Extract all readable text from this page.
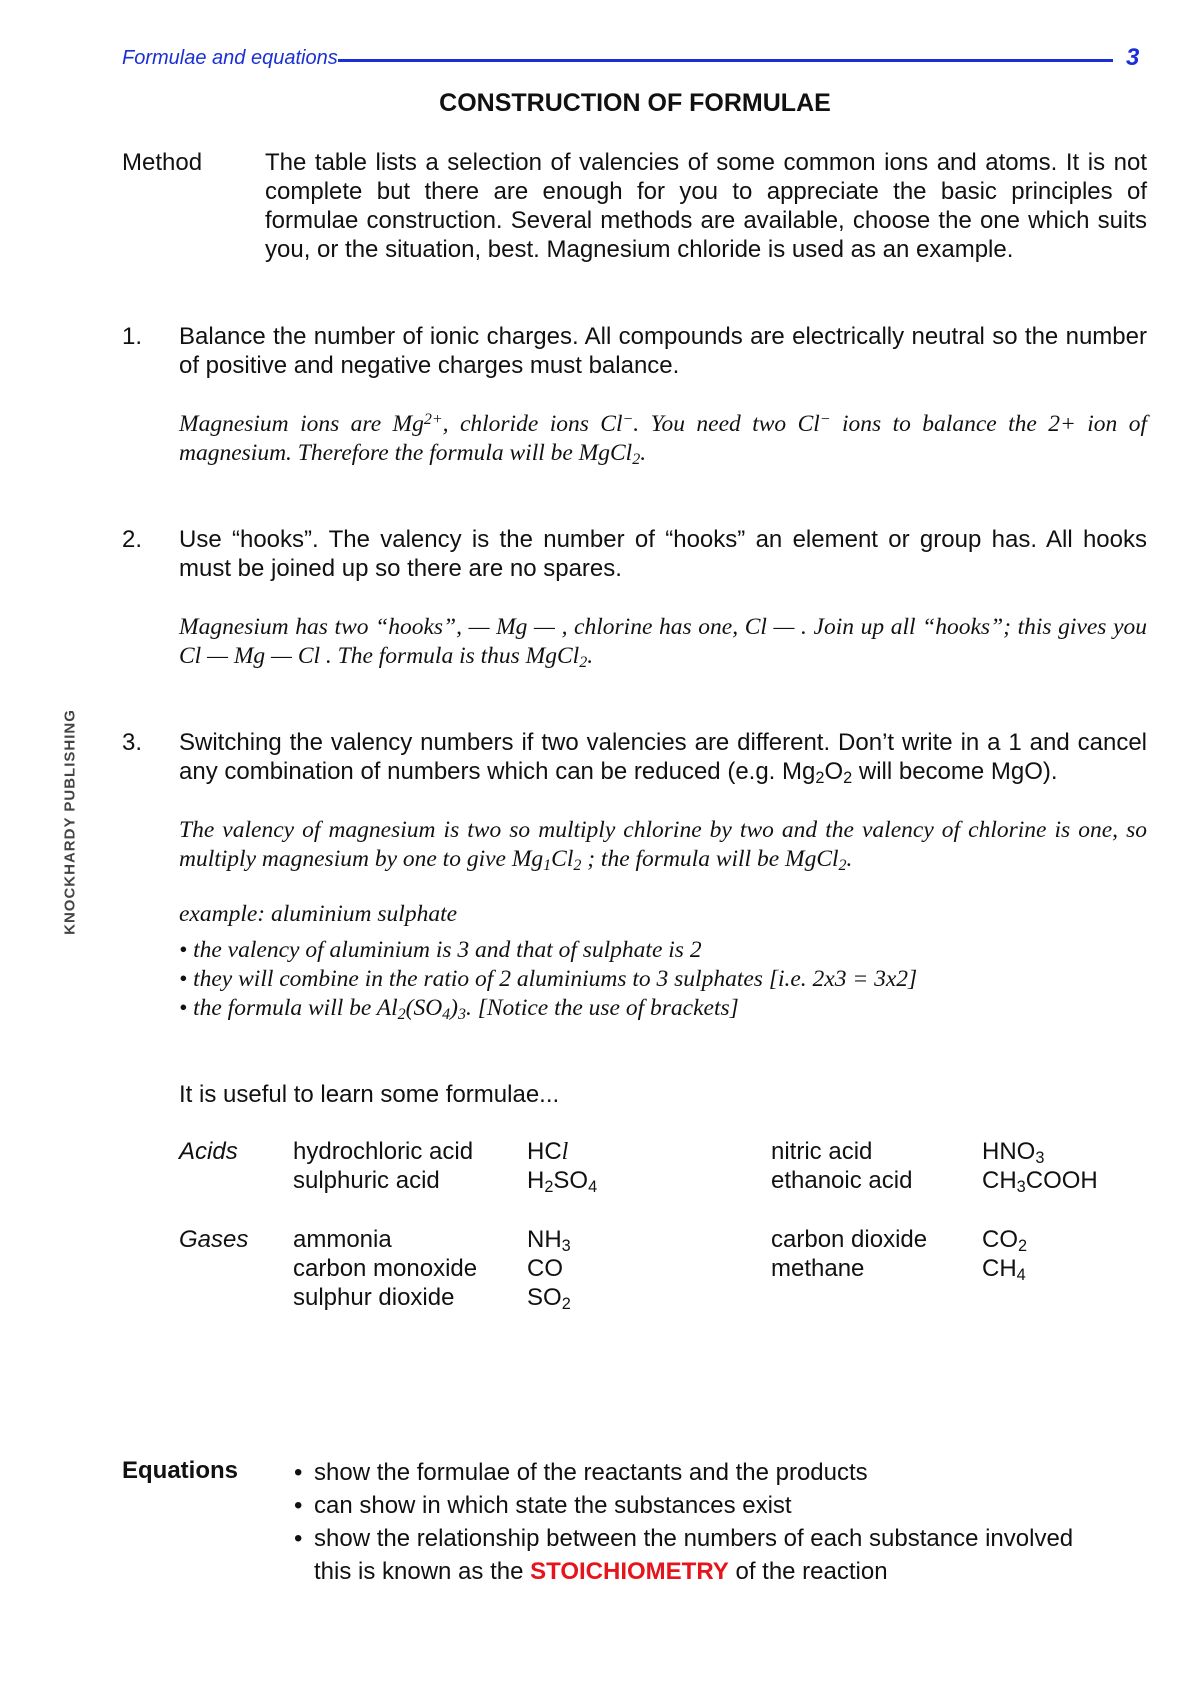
Formulae and equations	3
KNOCKHARDY PUBLISHING
CONSTRUCTION OF FORMULAE
Method	The table lists a selection of valencies of some common ions and atoms. It is not complete but there are enough for you to appreciate the basic principles of formulae construction. Several methods are available, choose the one which suits you, or the situation, best. Magnesium chloride is used as an example.
1. Balance the number of ionic charges. All compounds are electrically neutral so the number of positive and negative charges must balance.
Magnesium ions are $Mg^{2+}$, chloride ions Cl−. You need two Cl− ions to balance the 2+ ion of magnesium. Therefore the formula will be MgCl$_2$.
2. Use “hooks”. The valency is the number of “hooks” an element or group has. All hooks must be joined up so there are no spares.
Magnesium has two “hooks”, — Mg — , chlorine has one, Cl — . Join up all “hooks”; this gives you Cl — Mg — Cl . The formula is thus MgCl$_2$.
3. Switching the valency numbers if two valencies are different. Don’t write in a 1 and cancel any combination of numbers which can be reduced (e.g. $Mg_2O_2$ will become MgO).
The valency of magnesium is two so multiply chlorine by two and the valency of chlorine is one, so multiply magnesium by one to give $Mg_1Cl_2$ ; the formula will be MgCl$_2$.
example: aluminium sulphate
• the valency of aluminium is 3 and that of sulphate is 2
• they will combine in the ratio of 2 aluminiums to 3 sulphates [i.e. 2x3 = 3x2]
• the formula will be $Al_2(SO_4)_3$. [Notice the use of brackets]
It is useful to learn some formulae...
Acids hydrochloric acid
sulphuric acid
HCl
$H_2SO_4$
nitric acid
ethanoic acid
$HNO_3$
$CH_3COOH$
Gases ammonia
carbon monoxide
sulphur dioxide
$NH_3$
CO
$SO_2$
carbon dioxide
methane
$CO_2$
$CH_4$
Equations • show the formulae of the reactants and the products
• can show in which state the substances exist
• show the relationship between the numbers of each substance involved
this is known as the STOICHIOMETRY of the reaction
